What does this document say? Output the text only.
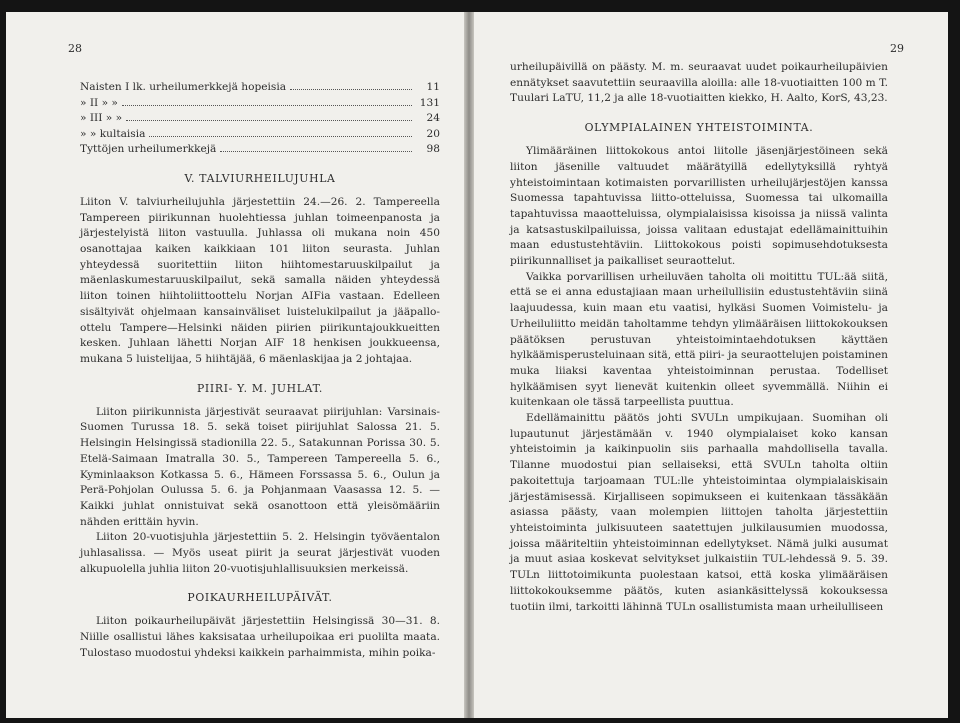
28
Naisten I lk. urheilumerkkejä hopeisia	11
» II » »	131
» III » »	24
» » kultaisia	20
Tyttöjen urheilumerkkejä	98
V. TALVIURHEILUJUHLA

Liiton V. talviurheilujuhla järjestettiin 24.—26. 2. Tampereella Tampereen piirikunnan huolehtiessa juhlan toimeenpanosta ja järjestelyistä liiton vastuulla. Juhlassa oli mukana noin 450 osanottajaa kaiken kaikkiaan 101 liiton seurasta. Juhlan yhteydessä suoritettiin liiton hiihtomestaruuskilpailut ja mäenlaskumestaruuskilpailut, sekä samalla näiden yhteydessä liiton toinen hiihtoliittoottelu Norjan AIFia vastaan. Edelleen sisältyivät ohjelmaan kansainväliset luistelukilpailut ja jääpallo-ottelu Tampere—Helsinki näiden piirien piirikuntajoukkueitten kesken. Juhlaan lähetti Norjan AIF 18 henkisen joukkueensa, mukana 5 luistelijaa, 5 hiihtäjää, 6 mäenlaskijaa ja 2 johtajaa.

PIIRI- Y. M. JUHLAT.

Liiton piirikunnista järjestivät seuraavat piirijuhlan: Varsinais-Suomen Turussa 18. 5. sekä toiset piirijuhlat Salossa 21. 5. Helsingin Helsingissä stadionilla 22. 5., Satakunnan Porissa 30. 5. Etelä-Saimaan Imatralla 30. 5., Tampereen Tampereella 5. 6., Kyminlaakson Kotkassa 5. 6., Hämeen Forssassa 5. 6., Oulun ja Perä-Pohjolan Oulussa 5. 6. ja Pohjanmaan Vaasassa 12. 5. — Kaikki juhlat onnistuivat sekä osanottoon että yleisömääriin nähden erittäin hyvin.

Liiton 20-vuotisjuhla järjestettiin 5. 2. Helsingin työväentalon juhlasalissa. — Myös useat piirit ja seurat järjestivät vuoden alkupuolella juhlia liiton 20-vuotisjuhlallisuuksien merkeissä.

POIKAURHEILUPÄIVÄT.

Liiton poikaurheilupäivät järjestettiin Helsingissä 30—31. 8. Niille osallistui lähes kaksisataa urheilupoikaa eri puolilta maata. Tulostaso muodostui yhdeksi kaikkein parhaimmista, mihin poika-

29

urheilupäivillä on päästy. M. m. seuraavat uudet poikaurheilupäivien ennätykset saavutettiin seuraavilla aloilla: alle 18-vuotiaitten 100 m T. Tuulari LaTU, 11,2 ja alle 18-vuotiaitten kiekko, H. Aalto, KorS, 43,23.

OLYMPIALAINEN YHTEISTOIMINTA.

Ylimääräinen liittokokous antoi liitolle jäsenjärjestöineen sekä liiton jäsenille valtuudet määrätyillä edellytyksillä ryhtyä yhteistoimintaan kotimaisten porvarillisten urheilujärjestöjen kanssa Suomessa tapahtuvissa liitto-otteluissa, Suomessa tai ulkomailla tapahtuvissa maaotteluissa, olympialaisissa kisoissa ja niissä valinta ja katsastuskilpailuissa, joissa valitaan edustajat edellämainittuihin maan edustustehtäviin. Liittokokous poisti sopimusehdotuksesta piirikunnalliset ja paikalliset seuraottelut.

Vaikka porvarillisen urheiluväen taholta oli moitittu TUL:ää siitä, että se ei anna edustajiaan maan urheilullisiin edustustehtäviin siinä laajuudessa, kuin maan etu vaatisi, hylkäsi Suomen Voimistelu- ja Urheiluliitto meidän taholtamme tehdyn ylimääräisen liittokokouksen päätöksen perustuvan yhteistoimintaehdotuksen käyttäen hylkäämisperusteluinaan sitä, että piiri- ja seuraottelujen poistaminen muka liiaksi kaventaa yhteistoiminnan perustaa. Todelliset hylkäämisen syyt lienevät kuitenkin olleet syvemmällä. Niihin ei kuitenkaan ole tässä tarpeellista puuttua.

Edellämainittu päätös johti SVULn umpikujaan. Suomihan oli lupautunut järjestämään v. 1940 olympialaiset koko kansan yhteistoimin ja kaikinpuolin siis parhaalla mahdollisella tavalla. Tilanne muodostui pian sellaiseksi, että SVULn taholta oltiin pakoitettuja tarjoamaan TUL:lle yhteistoimintaa olympialaiskisain järjestämisessä. Kirjalliseen sopimukseen ei kuitenkaan tässäkään asiassa päästy, vaan molempien liittojen taholta järjestettiin yhteistoiminta julkisuuteen saatettujen julkilausumien muodossa, joissa määriteltiin yhteistoiminnan edellytykset. Nämä julki ausumat ja muut asiaa koskevat selvitykset julkaistiin TUL-lehdessä 9. 5. 39. TULn liittotoimikunta puolestaan katsoi, että koska ylimääräisen liittokokouksemme päätös, kuten asiankäsittelyssä kokouksessa tuotiin ilmi, tarkoitti lähinnä TULn osallistumista maan urheilulliseen
